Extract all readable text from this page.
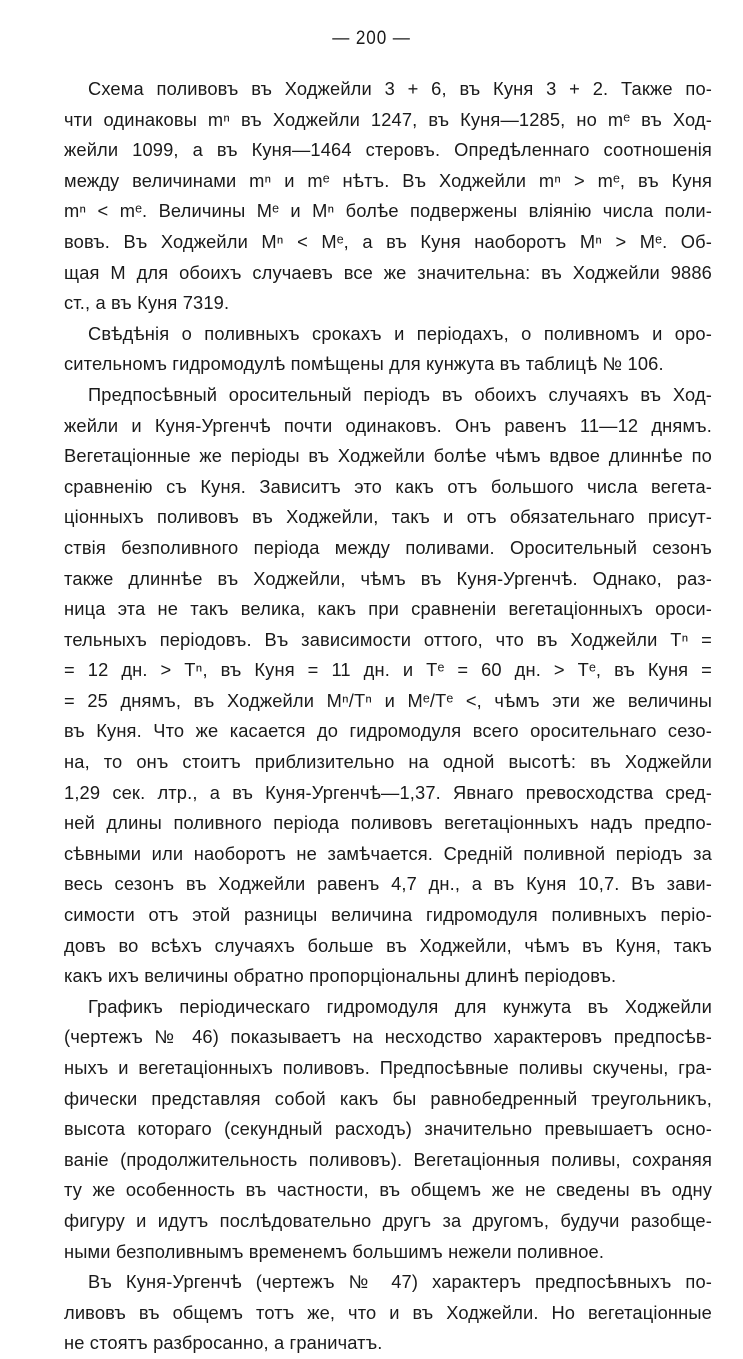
— 200 —
Схема поливовъ въ Ходжейли 3 + 6, въ Куня 3 + 2. Также по-
чти одинаковы mⁿ въ Ходжейли 1247, въ Куня—1285, но mᵉ въ Ход-
жейли 1099, а въ Куня—1464 стеровъ. Опредѣленнаго соотношенія
между величинами mⁿ и mᵉ нѣтъ. Въ Ходжейли mⁿ > mᵉ, въ Куня
mⁿ < mᵉ. Величины Mᵉ и Mⁿ болѣе подвержены вліянію числа поли-
вовъ. Въ Ходжейли Mⁿ < Mᵉ, а въ Куня наоборотъ Mⁿ > Mᵉ. Об-
щая M для обоихъ случаевъ все же значительна: въ Ходжейли 9886
ст., а въ Куня 7319.
Свѣдѣнія о поливныхъ срокахъ и періодахъ, о поливномъ и оро-
сительномъ гидромодулѣ помѣщены для кунжута въ таблицѣ № 106.
Предпосѣвный оросительный періодъ въ обоихъ случаяхъ въ Ход-
жейли и Куня-Ургенчѣ почти одинаковъ. Онъ равенъ 11—12 днямъ.
Вегетаціонные же періоды въ Ходжейли болѣе чѣмъ вдвое длиннѣе по
сравненію съ Куня. Зависитъ это какъ отъ большого числа вегета-
ціонныхъ поливовъ въ Ходжейли, такъ и отъ обязательнаго присут-
ствія безполивного періода между поливами. Оросительный сезонъ
также длиннѣе въ Ходжейли, чѣмъ въ Куня-Ургенчѣ. Однако, раз-
ница эта не такъ велика, какъ при сравненіи вегетаціонныхъ ороси-
тельныхъ періодовъ. Въ зависимости оттого, что въ Ходжейли Tⁿ =
= 12 дн. > Tⁿ, въ Куня = 11 дн. и Tᵉ = 60 дн. > Tᵉ, въ Куня =
= 25 днямъ, въ Ходжейли Mⁿ/Tⁿ и Mᵉ/Tᵉ <, чѣмъ эти же величины
въ Куня. Что же касается до гидромодуля всего оросительнаго сезо-
на, то онъ стоитъ приблизительно на одной высотѣ: въ Ходжейли
1,29 сек. лтр., а въ Куня-Ургенчѣ—1,37. Явнаго превосходства сред-
ней длины поливного періода поливовъ вегетаціонныхъ надъ предпо-
сѣвными или наоборотъ не замѣчается. Средній поливной періодъ за
весь сезонъ въ Ходжейли равенъ 4,7 дн., а въ Куня 10,7. Въ зави-
симости отъ этой разницы величина гидромодуля поливныхъ періо-
довъ во всѣхъ случаяхъ больше въ Ходжейли, чѣмъ въ Куня, такъ
какъ ихъ величины обратно пропорціональны длинѣ періодовъ.
Графикъ періодическаго гидромодуля для кунжута въ Ходжейли
(чертежъ № 46) показываетъ на несходство характеровъ предпосѣв-
ныхъ и вегетаціонныхъ поливовъ. Предпосѣвные поливы скучены, гра-
фически представляя собой какъ бы равнобедренный треугольникъ,
высота котораго (секундный расходъ) значительно превышаетъ осно-
ваніе (продолжительность поливовъ). Вегетаціонныя поливы, сохраняя
ту же особенность въ частности, въ общемъ же не сведены въ одну
фигуру и идутъ послѣдовательно другъ за другомъ, будучи разобще-
ными безполивнымъ временемъ большимъ нежели поливное.
Въ Куня-Ургенчѣ (чертежъ № 47) характеръ предпосѣвныхъ по-
ливовъ въ общемъ тотъ же, что и въ Ходжейли. Но вегетаціонные
не стоятъ разбросанно, а граничатъ.
